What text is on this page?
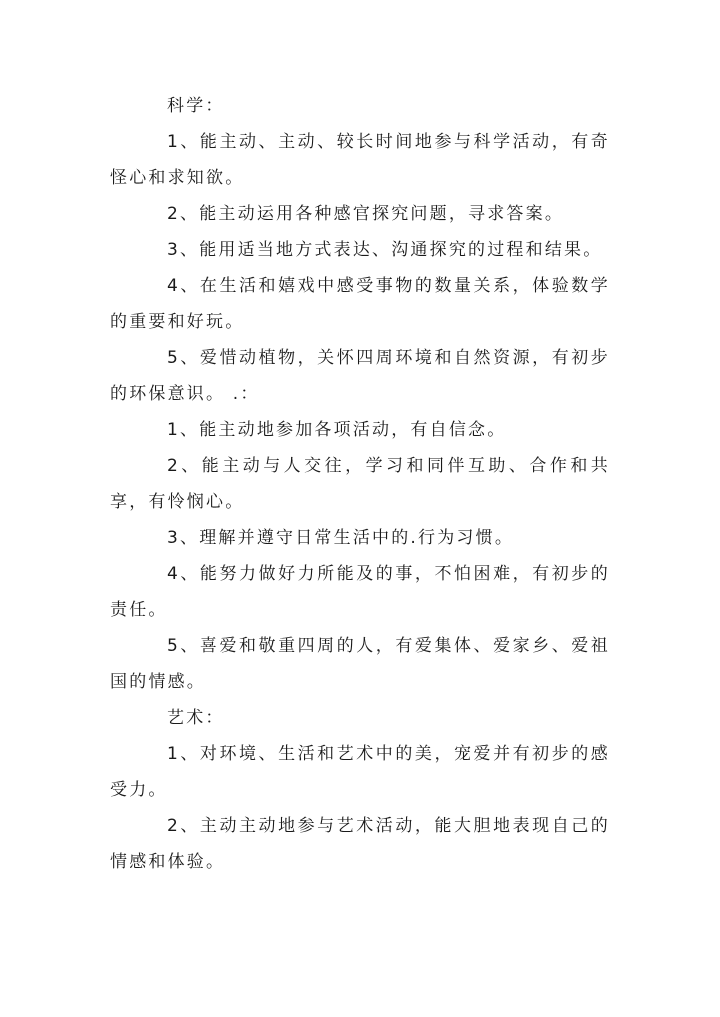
科学：

1、能主动、主动、较长时间地参与科学活动，有奇怪心和求知欲。

2、能主动运用各种感官探究问题，寻求答案。

3、能用适当地方式表达、沟通探究的过程和结果。

4、在生活和嬉戏中感受事物的数量关系，体验数学的重要和好玩。

5、爱惜动植物，关怀四周环境和自然资源，有初步的环保意识。 .：

1、能主动地参加各项活动，有自信念。

2、能主动与人交往，学习和同伴互助、合作和共享，有怜悯心。

3、理解并遵守日常生活中的.行为习惯。

4、能努力做好力所能及的事，不怕困难，有初步的责任。

5、喜爱和敬重四周的人，有爱集体、爱家乡、爱祖国的情感。

艺术：

1、对环境、生活和艺术中的美，宠爱并有初步的感受力。

2、主动主动地参与艺术活动，能大胆地表现自己的情感和体验。
